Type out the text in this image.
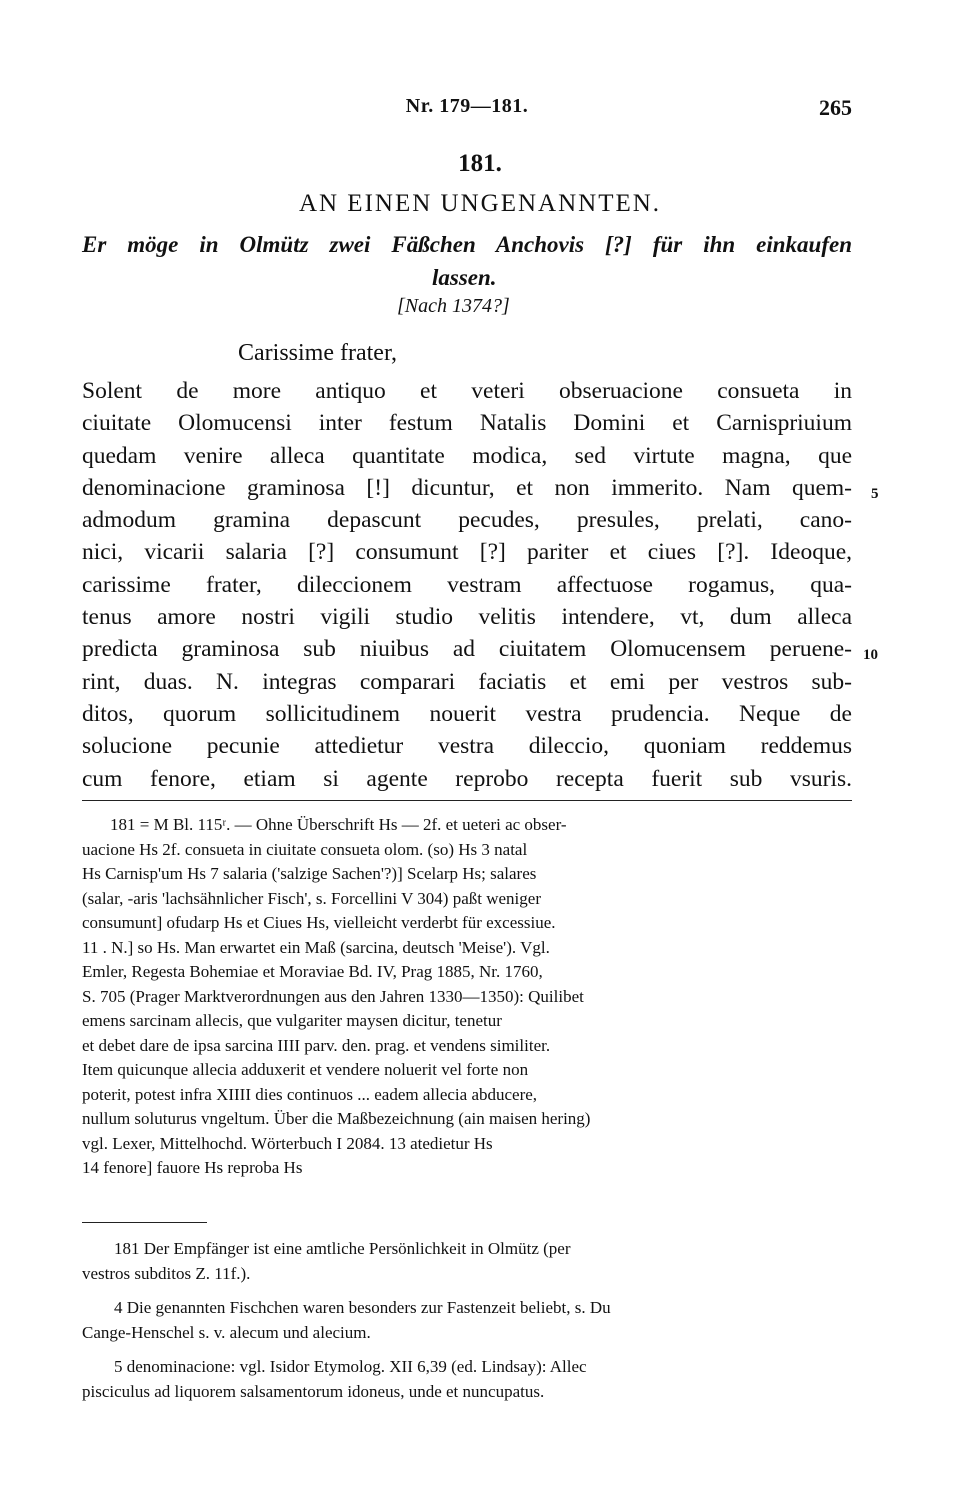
Nr. 179—181.	265
181.
AN EINEN UNGENANNTEN.
Er möge in Olmütz zwei Fäßchen Anchovis [?] für ihn einkaufen
lassen.
[Nach 1374?]
Carissime frater,
Solent de more antiquo et veteri obseruacione consueta in
ciuitate Olomucensi inter festum Natalis Domini et Carnispriuium
quedam venire alleca quantitate modica, sed virtute magna, que
denominacione graminosa [!] dicuntur, et non immerito. Nam quem-
admodum gramina depascunt pecudes, presules, prelati, cano-
nici, vicarii salaria [?] consumunt [?] pariter et ciues [?]. Ideoque,
carissime frater, dileccionem vestram affectuose rogamus, qua-
tenus amore nostri vigili studio velitis intendere, vt, dum alleca
predicta graminosa sub niuibus ad ciuitatem Olomucensem peruene-
rint, duas. N. integras comparari faciatis et emi per vestros sub-
ditos, quorum sollicitudinem nouerit vestra prudencia. Neque de
solucione pecunie attedietur vestra dileccio, quoniam reddemus
cum fenore, etiam si agente reprobo recepta fuerit sub vsuris.
5
10
181 = M Bl. 115ʳ. — Ohne Überschrift Hs — 2f. et ueteri ac obser-
uacione Hs 2f. consueta in ciuitate consueta olom. (so) Hs 3 natal
Hs Carnisp'um Hs 7 salaria ('salzige Sachen'?)] Scelarp Hs; salares
(salar, -aris 'lachsähnlicher Fisch', s. Forcellini V 304) paßt weniger
consumunt] ofudarp Hs et Ciues Hs, vielleicht verderbt für excessiue.
11 . N.] so Hs. Man erwartet ein Maß (sarcina, deutsch 'Meise'). Vgl.
Emler, Regesta Bohemiae et Moraviae Bd. IV, Prag 1885, Nr. 1760,
S. 705 (Prager Marktverordnungen aus den Jahren 1330—1350): Quilibet
emens sarcinam allecis, que vulgariter maysen dicitur, tenetur
et debet dare de ipsa sarcina IIII parv. den. prag. et vendens similiter.
Item quicunque allecia adduxerit et vendere noluerit vel forte non
poterit, potest infra XIIII dies continuos ... eadem allecia abducere,
nullum soluturus vngeltum. Über die Maßbezeichnung (ain maisen hering)
vgl. Lexer, Mittelhochd. Wörterbuch I 2084. 13 atedietur Hs
14 fenore] fauore Hs reproba Hs
181 Der Empfänger ist eine amtliche Persönlichkeit in Olmütz (per
vestros subditos Z. 11f.).
4 Die genannten Fischchen waren besonders zur Fastenzeit beliebt, s. Du
Cange-Henschel s. v. alecum und alecium.
5 denominacione: vgl. Isidor Etymolog. XII 6,39 (ed. Lindsay): Allec
pisciculus ad liquorem salsamentorum idoneus, unde et nuncupatus.
